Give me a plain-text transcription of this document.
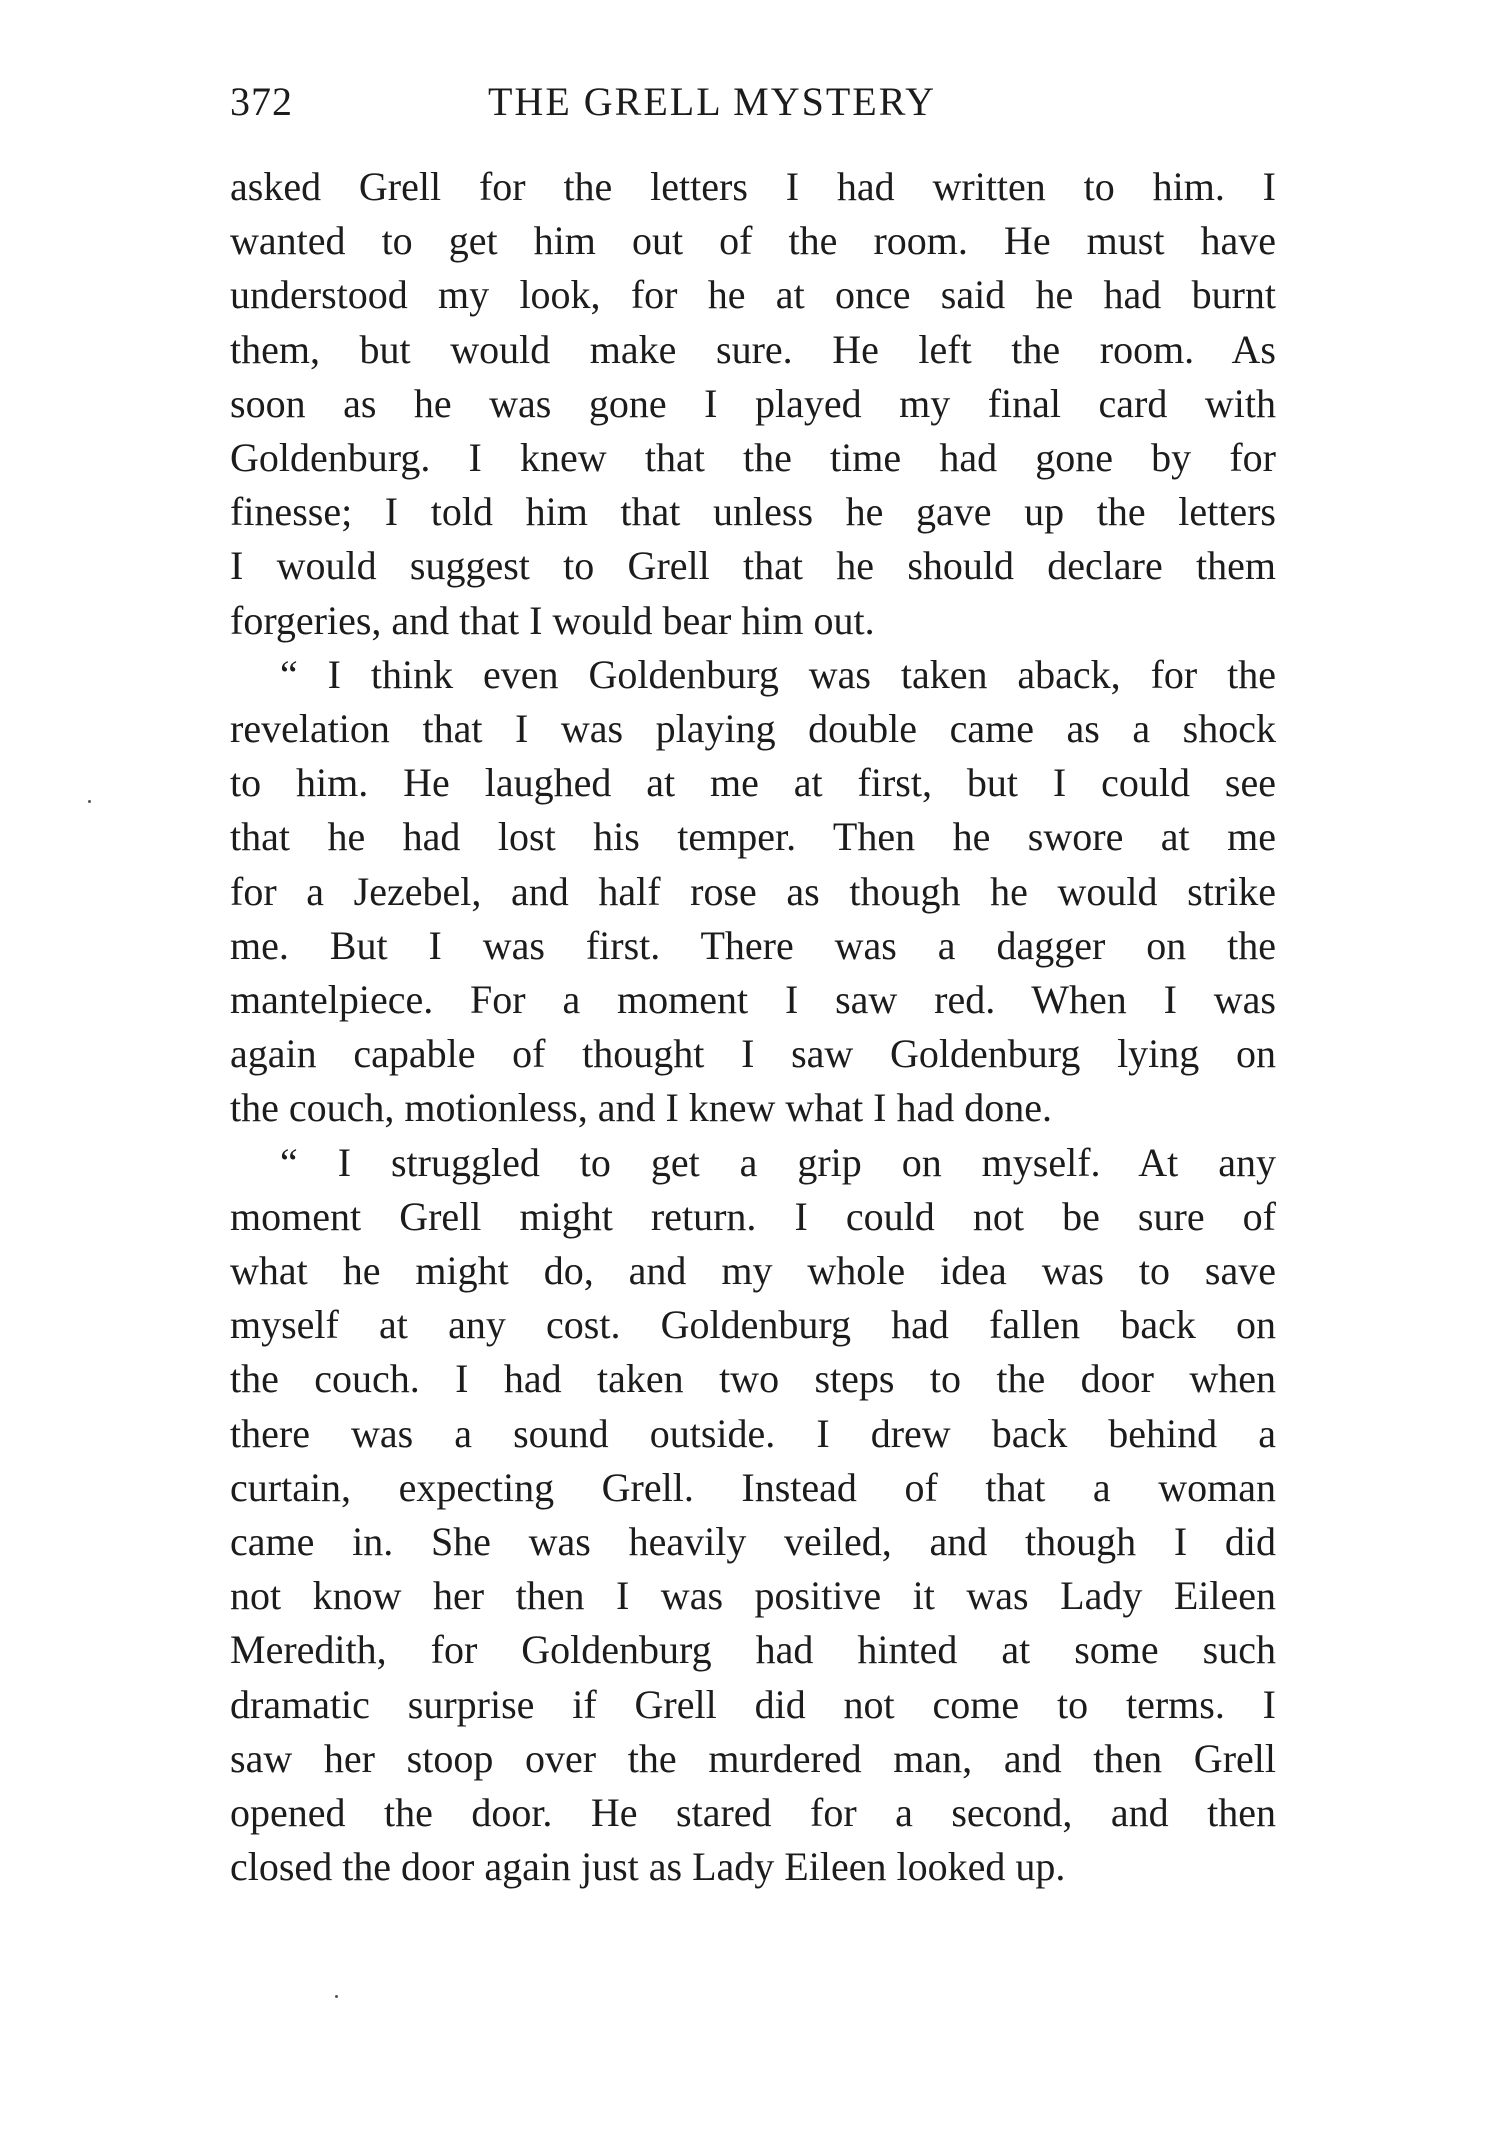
372	THE GRELL MYSTERY
asked Grell for the letters I had written to him. I
wanted to get him out of the room. He must have
understood my look, for he at once said he had burnt
them, but would make sure. He left the room. As
soon as he was gone I played my final card with
Goldenburg. I knew that the time had gone by for
finesse; I told him that unless he gave up the letters
I would suggest to Grell that he should declare them
forgeries, and that I would bear him out.
“ I think even Goldenburg was taken aback, for the
revelation that I was playing double came as a shock
to him. He laughed at me at first, but I could see
that he had lost his temper. Then he swore at me
for a Jezebel, and half rose as though he would strike
me. But I was first. There was a dagger on the
mantelpiece. For a moment I saw red. When I was
again capable of thought I saw Goldenburg lying on
the couch, motionless, and I knew what I had done.
“ I struggled to get a grip on myself. At any
moment Grell might return. I could not be sure of
what he might do, and my whole idea was to save
myself at any cost. Goldenburg had fallen back on
the couch. I had taken two steps to the door when
there was a sound outside. I drew back behind a
curtain, expecting Grell. Instead of that a woman
came in. She was heavily veiled, and though I did
not know her then I was positive it was Lady Eileen
Meredith, for Goldenburg had hinted at some such
dramatic surprise if Grell did not come to terms. I
saw her stoop over the murdered man, and then Grell
opened the door. He stared for a second, and then
closed the door again just as Lady Eileen looked up.
